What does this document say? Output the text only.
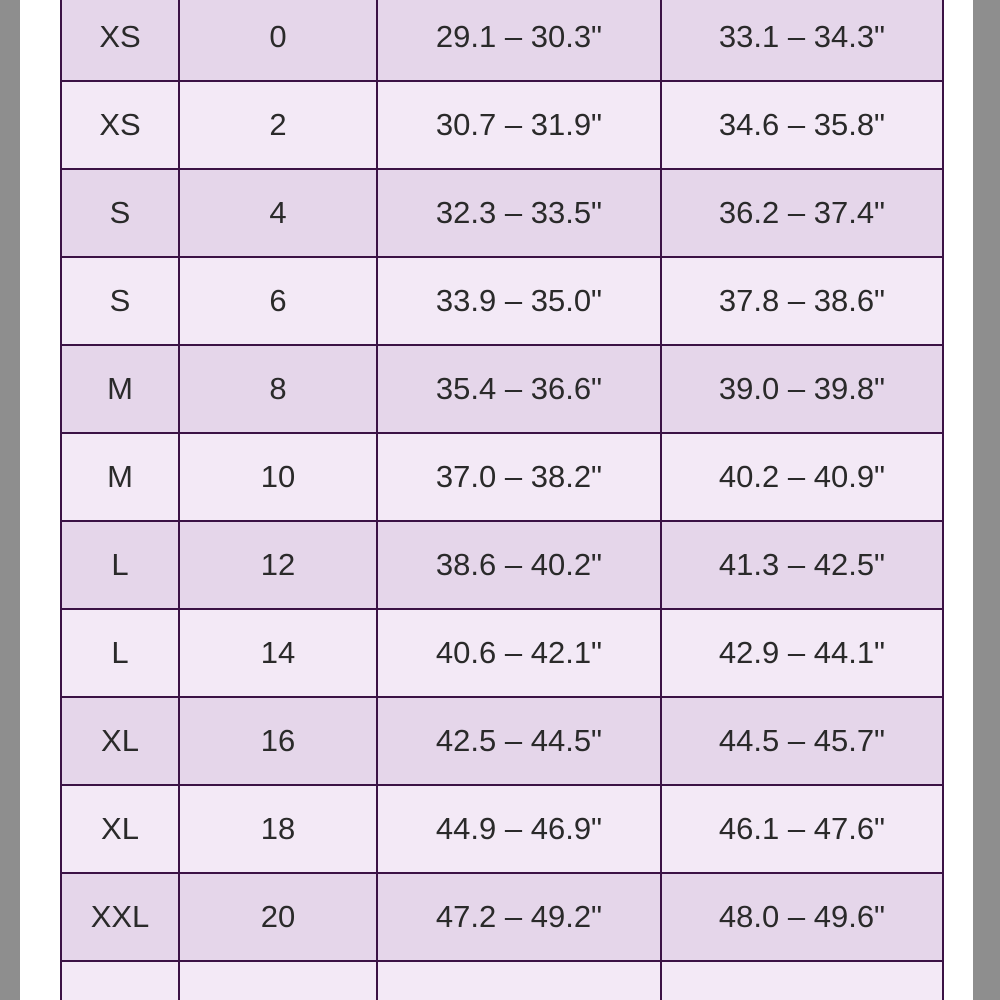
XS	0	29.1 – 30.3"	33.1 – 34.3"
XS	2	30.7 – 31.9"	34.6 – 35.8"
S	4	32.3 – 33.5"	36.2 – 37.4"
S	6	33.9 – 35.0"	37.8 – 38.6"
M	8	35.4 – 36.6"	39.0 – 39.8"
M	10	37.0 – 38.2"	40.2 – 40.9"
L	12	38.6 – 40.2"	41.3 – 42.5"
L	14	40.6 – 42.1"	42.9 – 44.1"
XL	16	42.5 – 44.5"	44.5 – 45.7"
XL	18	44.9 – 46.9"	46.1 – 47.6"
XXL	20	47.2 – 49.2"	48.0 – 49.6"
